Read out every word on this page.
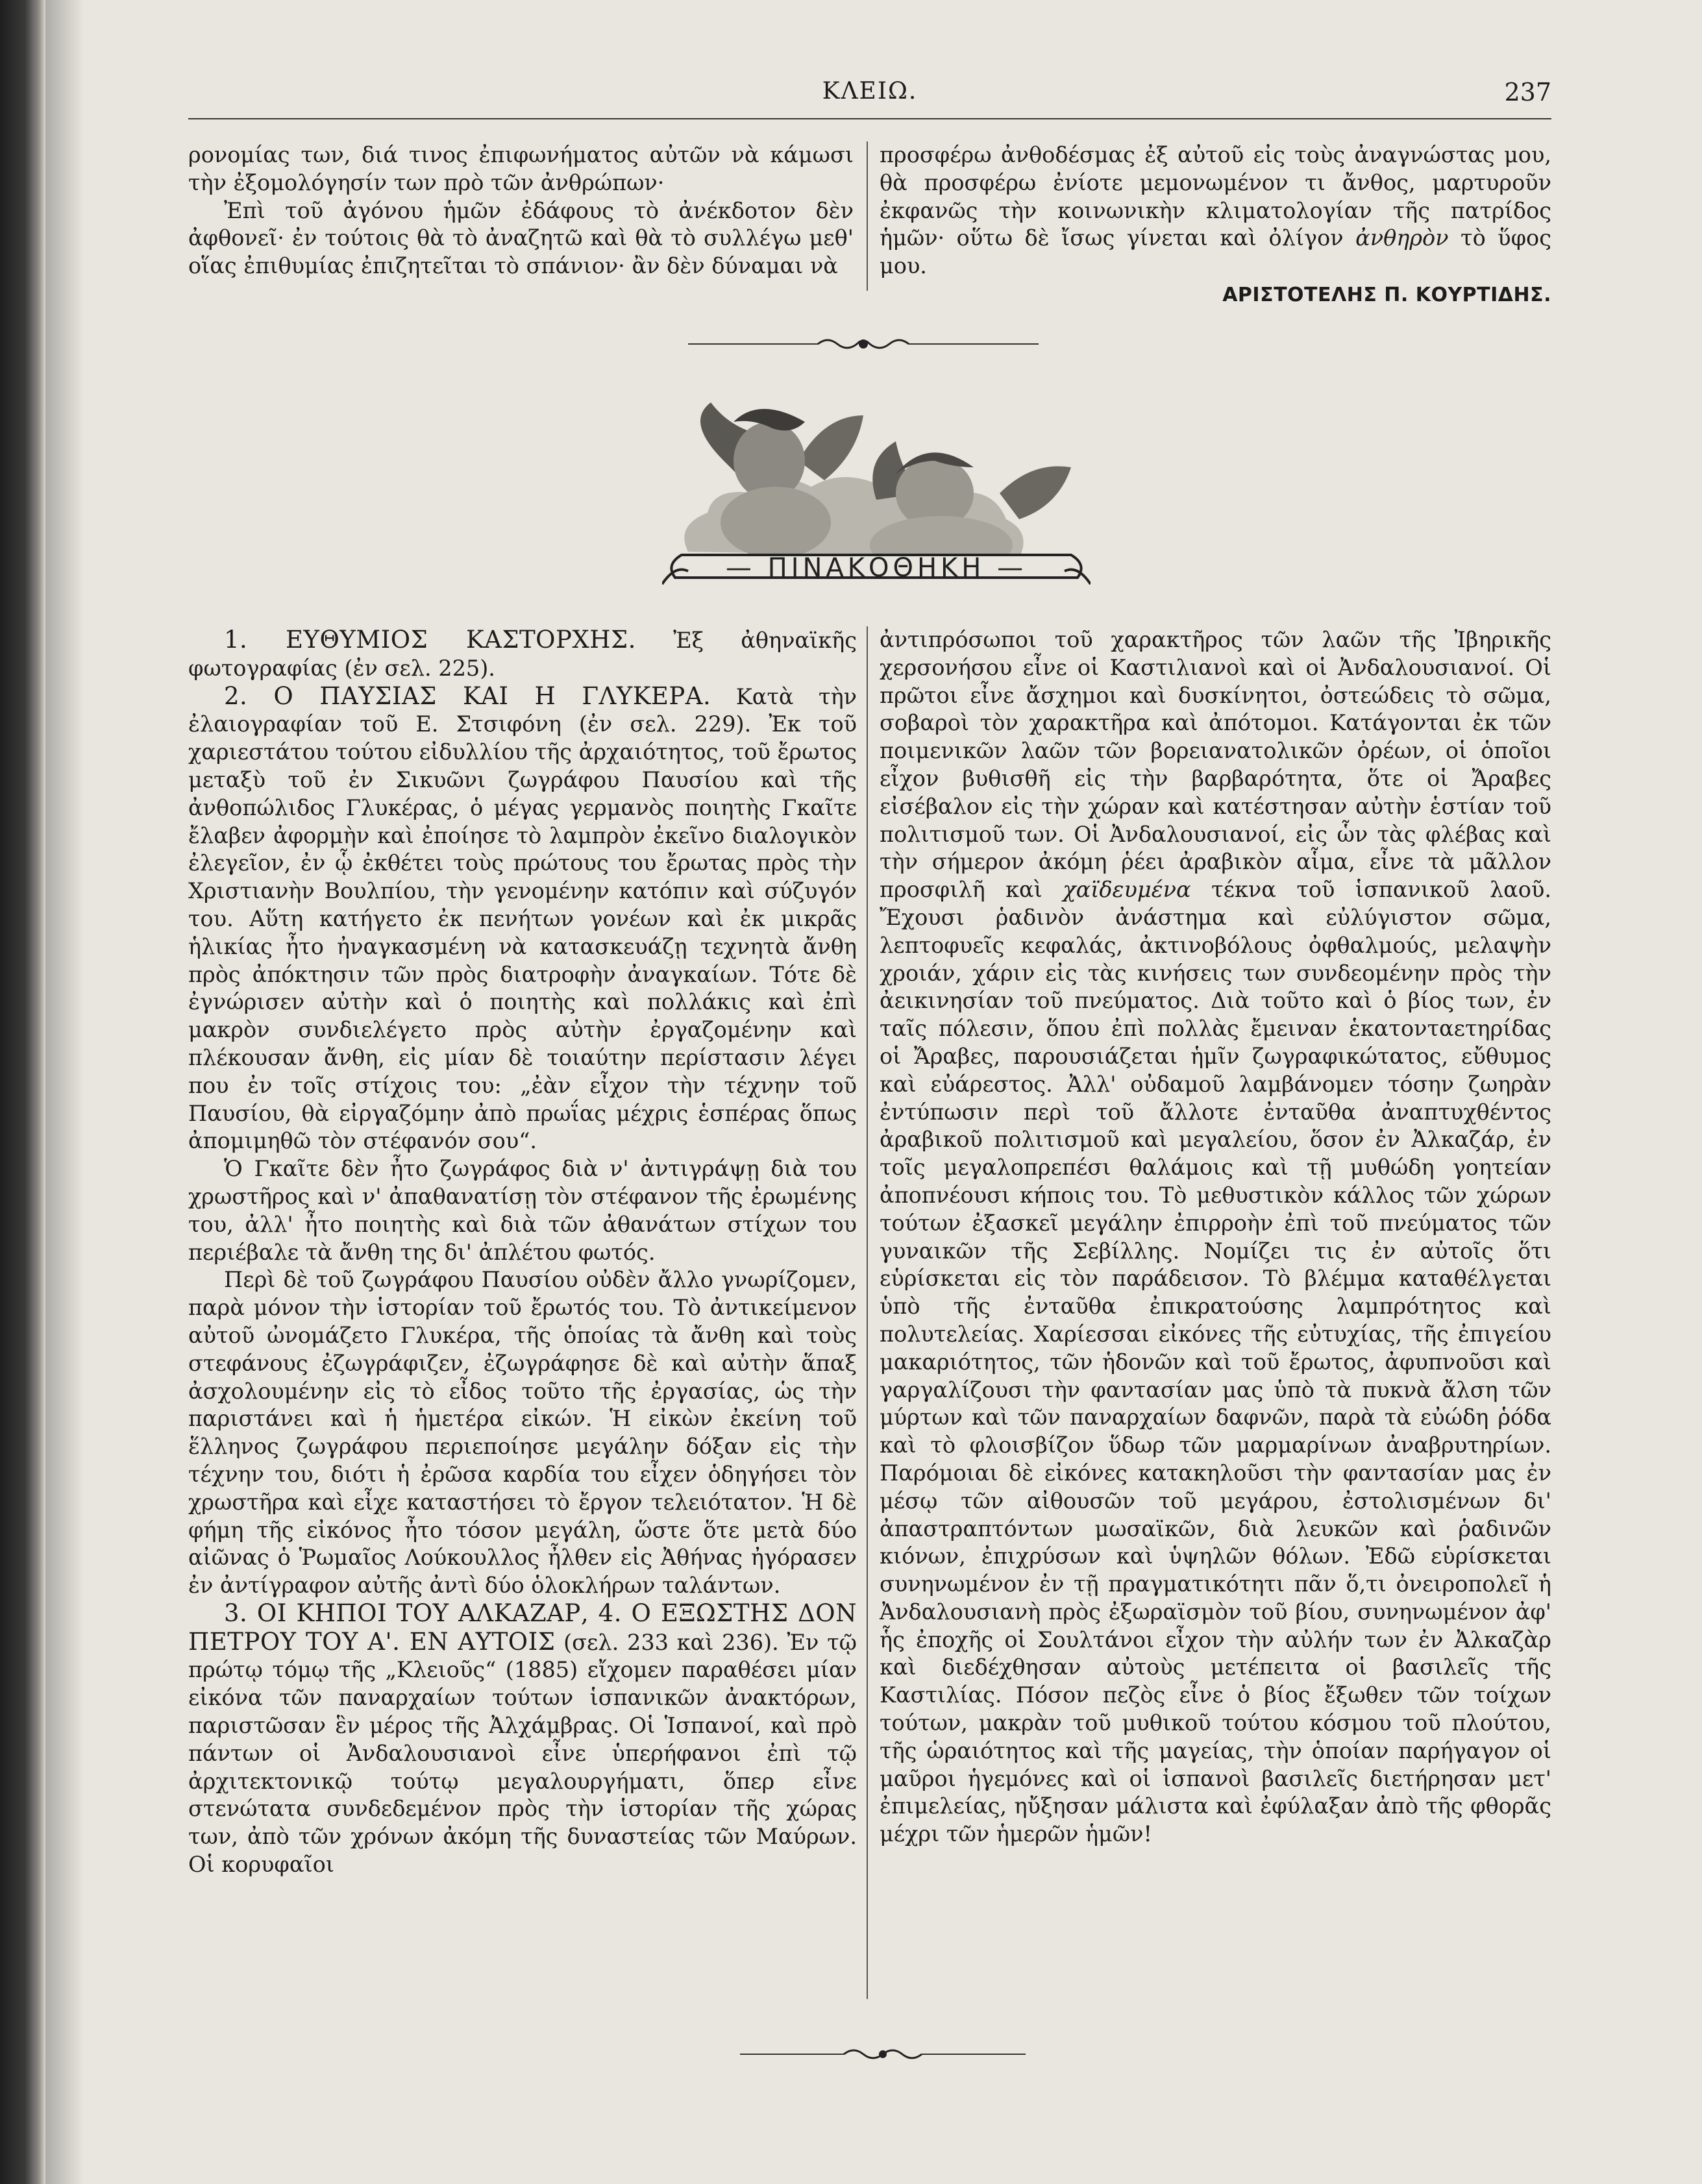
ΚΛΕΙΩ.	237

ρονομίας των, διά τινος ἐπιφωνήματος αὐτῶν νὰ κάμωσι τὴν ἐξομολόγησίν των πρὸ τῶν ἀνθρώπων·

Ἐπὶ τοῦ ἀγόνου ἡμῶν ἐδάφους τὸ ἀνέκδοτον δὲν ἀφθονεῖ· ἐν τούτοις θὰ τὸ ἀναζητῶ καὶ θὰ τὸ συλλέγω μεθ' οἵας ἐπιθυμίας ἐπιζητεῖται τὸ σπάνιον· ἂν δὲν δύναμαι νὰ

προσφέρω ἀνθοδέσμας ἐξ αὐτοῦ εἰς τοὺς ἀναγνώστας μου, θὰ προσφέρω ἐνίοτε μεμονωμένον τι ἄνθος, μαρτυροῦν ἐκφανῶς τὴν κοινωνικὴν κλιματολογίαν τῆς πατρίδος ἡμῶν· οὕτω δὲ ἴσως γίνεται καὶ ὀλίγον ἀνθηρὸν τὸ ὕφος μου.

ΑΡΙΣΤΟΤΕΛΗΣ Π. ΚΟΥΡΤΙΔΗΣ.
— ΠΙΝΑΚΟΘΗΚΗ —

1. ΕΥΘΥΜΙΟΣ ΚΑΣΤΟΡΧΗΣ. Ἐξ ἀθηναϊκῆς φωτογραφίας (ἐν σελ. 225).

2. Ο ΠΑΥΣΙΑΣ ΚΑΙ Η ΓΛΥΚΕΡΑ. Κατὰ τὴν ἐλαιογραφίαν τοῦ Ε. Στσιφόνη (ἐν σελ. 229). Ἐκ τοῦ χαριεστάτου τούτου εἰδυλλίου τῆς ἀρχαιότητος, τοῦ ἔρωτος μεταξὺ τοῦ ἐν Σικυῶνι ζωγράφου Παυσίου καὶ τῆς ἀνθοπώλιδος Γλυκέρας, ὁ μέγας γερμανὸς ποιητὴς Γκαῖτε ἔλαβεν ἀφορμὴν καὶ ἐποίησε τὸ λαμπρὸν ἐκεῖνο διαλογικὸν ἐλεγεῖον, ἐν ᾧ ἐκθέτει τοὺς πρώτους του ἔρωτας πρὸς τὴν Χριστιανὴν Βουλπίου, τὴν γενομένην κατόπιν καὶ σύζυγόν του. Αὕτη κατήγετο ἐκ πενήτων γονέων καὶ ἐκ μικρᾶς ἡλικίας ἦτο ἠναγκασμένη νὰ κατασκευάζῃ τεχνητὰ ἄνθη πρὸς ἀπόκτησιν τῶν πρὸς διατροφὴν ἀναγκαίων. Τότε δὲ ἐγνώρισεν αὐτὴν καὶ ὁ ποιητὴς καὶ πολλάκις καὶ ἐπὶ μακρὸν συνδιελέγετο πρὸς αὐτὴν ἐργαζομένην καὶ πλέκουσαν ἄνθη, εἰς μίαν δὲ τοιαύτην περίστασιν λέγει που ἐν τοῖς στίχοις του: „ἐὰν εἶχον τὴν τέχνην τοῦ Παυσίου, θὰ εἰργαζόμην ἀπὸ πρωΐας μέχρις ἑσπέρας ὅπως ἀπομιμηθῶ τὸν στέφανόν σου“.

Ὁ Γκαῖτε δὲν ἦτο ζωγράφος διὰ ν' ἀντιγράψῃ διὰ του χρωστῆρος καὶ ν' ἀπαθανατίσῃ τὸν στέφανον τῆς ἐρωμένης του, ἀλλ' ἦτο ποιητὴς καὶ διὰ τῶν ἀθανάτων στίχων του περιέβαλε τὰ ἄνθη της δι' ἀπλέτου φωτός.

Περὶ δὲ τοῦ ζωγράφου Παυσίου οὐδὲν ἄλλο γνωρίζομεν, παρὰ μόνον τὴν ἱστορίαν τοῦ ἔρωτός του. Τὸ ἀντικείμενον αὐτοῦ ὠνομάζετο Γλυκέρα, τῆς ὁποίας τὰ ἄνθη καὶ τοὺς στεφάνους ἐζωγράφιζεν, ἐζωγράφησε δὲ καὶ αὐτὴν ἅπαξ ἀσχολουμένην εἰς τὸ εἶδος τοῦτο τῆς ἐργασίας, ὡς τὴν παριστάνει καὶ ἡ ἡμετέρα εἰκών. Ἡ εἰκὼν ἐκείνη τοῦ ἕλληνος ζωγράφου περιεποίησε μεγάλην δόξαν εἰς τὴν τέχνην του, διότι ἡ ἐρῶσα καρδία του εἶχεν ὁδηγήσει τὸν χρωστῆρα καὶ εἶχε καταστήσει τὸ ἔργον τελειότατον. Ἡ δὲ φήμη τῆς εἰκόνος ἦτο τόσον μεγάλη, ὥστε ὅτε μετὰ δύο αἰῶνας ὁ Ῥωμαῖος Λούκουλλος ἦλθεν εἰς Ἀθήνας ἠγόρασεν ἐν ἀντίγραφον αὐτῆς ἀντὶ δύο ὁλοκλήρων ταλάντων.

3. ΟΙ ΚΗΠΟΙ ΤΟΥ ΑΛΚΑΖΑΡ, 4. Ο ΕΞΩΣΤΗΣ ΔΟΝ ΠΕΤΡΟΥ ΤΟΥ Α'. ΕΝ ΑΥΤΟΙΣ (σελ. 233 καὶ 236). Ἐν τῷ πρώτῳ τόμῳ τῆς „Κλειοῦς“ (1885) εἴχομεν παραθέσει μίαν εἰκόνα τῶν παναρχαίων τούτων ἱσπανικῶν ἀνακτόρων, παριστῶσαν ἓν μέρος τῆς Ἀλχάμβρας. Οἱ Ἱσπανοί, καὶ πρὸ πάντων οἱ Ἀνδαλουσιανοὶ εἶνε ὑπερήφανοι ἐπὶ τῷ ἀρχιτεκτονικῷ τούτῳ μεγαλουργήματι, ὅπερ εἶνε στενώτατα συνδεδεμένον πρὸς τὴν ἱστορίαν τῆς χώρας των, ἀπὸ τῶν χρόνων ἀκόμη τῆς δυναστείας τῶν Μαύρων. Οἱ κορυφαῖοι

ἀντιπρόσωποι τοῦ χαρακτῆρος τῶν λαῶν τῆς Ἰβηρικῆς χερσονήσου εἶνε οἱ Καστιλιανοὶ καὶ οἱ Ἀνδαλουσιανοί. Οἱ πρῶτοι εἶνε ἄσχημοι καὶ δυσκίνητοι, ὀστεώδεις τὸ σῶμα, σοβαροὶ τὸν χαρακτῆρα καὶ ἀπότομοι. Κατάγονται ἐκ τῶν ποιμενικῶν λαῶν τῶν βορειανατολικῶν ὀρέων, οἱ ὁποῖοι εἶχον βυθισθῆ εἰς τὴν βαρβαρότητα, ὅτε οἱ Ἄραβες εἰσέβαλον εἰς τὴν χώραν καὶ κατέστησαν αὐτὴν ἑστίαν τοῦ πολιτισμοῦ των. Οἱ Ἀνδαλουσιανοί, εἰς ὧν τὰς φλέβας καὶ τὴν σήμερον ἀκόμη ῥέει ἀραβικὸν αἷμα, εἶνε τὰ μᾶλλον προσφιλῆ καὶ χαϊδευμένα τέκνα τοῦ ἱσπανικοῦ λαοῦ. Ἔχουσι ῥαδινὸν ἀνάστημα καὶ εὐλύγιστον σῶμα, λεπτοφυεῖς κεφαλάς, ἀκτινοβόλους ὀφθαλμούς, μελαψὴν χροιάν, χάριν εἰς τὰς κινήσεις των συνδεομένην πρὸς τὴν ἀεικινησίαν τοῦ πνεύματος. Διὰ τοῦτο καὶ ὁ βίος των, ἐν ταῖς πόλεσιν, ὅπου ἐπὶ πολλὰς ἔμειναν ἑκατονταετηρίδας οἱ Ἄραβες, παρουσιάζεται ἡμῖν ζωγραφικώτατος, εὔθυμος καὶ εὐάρεστος. Ἀλλ' οὐδαμοῦ λαμβάνομεν τόσην ζωηρὰν ἐντύπωσιν περὶ τοῦ ἄλλοτε ἐνταῦθα ἀναπτυχθέντος ἀραβικοῦ πολιτισμοῦ καὶ μεγαλείου, ὅσον ἐν Ἀλκαζάρ, ἐν τοῖς μεγαλοπρεπέσι θαλάμοις καὶ τῇ μυθώδη γοητείαν ἀποπνέουσι κήποις του. Τὸ μεθυστικὸν κάλλος τῶν χώρων τούτων ἐξασκεῖ μεγάλην ἐπιρροὴν ἐπὶ τοῦ πνεύματος τῶν γυναικῶν τῆς Σεβίλλης. Νομίζει τις ἐν αὐτοῖς ὅτι εὑρίσκεται εἰς τὸν παράδεισον. Τὸ βλέμμα καταθέλγεται ὑπὸ τῆς ἐνταῦθα ἐπικρατούσης λαμπρότητος καὶ πολυτελείας. Χαρίεσσαι εἰκόνες τῆς εὐτυχίας, τῆς ἐπιγείου μακαριότητος, τῶν ἡδονῶν καὶ τοῦ ἔρωτος, ἀφυπνοῦσι καὶ γαργαλίζουσι τὴν φαντασίαν μας ὑπὸ τὰ πυκνὰ ἄλση τῶν μύρτων καὶ τῶν παναρχαίων δαφνῶν, παρὰ τὰ εὐώδη ῥόδα καὶ τὸ φλοισβίζον ὕδωρ τῶν μαρμαρίνων ἀναβρυτηρίων. Παρόμοιαι δὲ εἰκόνες κατακηλοῦσι τὴν φαντασίαν μας ἐν μέσῳ τῶν αἰθουσῶν τοῦ μεγάρου, ἐστολισμένων δι' ἀπαστραπτόντων μωσαϊκῶν, διὰ λευκῶν καὶ ῥαδινῶν κιόνων, ἐπιχρύσων καὶ ὑψηλῶν θόλων. Ἐδῶ εὑρίσκεται συνηνωμένον ἐν τῇ πραγματικότητι πᾶν ὅ,τι ὀνειροπολεῖ ἡ Ἀνδαλουσιανὴ πρὸς ἐξωραϊσμὸν τοῦ βίου, συνηνωμένον ἀφ' ἧς ἐποχῆς οἱ Σουλτάνοι εἶχον τὴν αὐλήν των ἐν Ἀλκαζὰρ καὶ διεδέχθησαν αὐτοὺς μετέπειτα οἱ βασιλεῖς τῆς Καστιλίας. Πόσον πεζὸς εἶνε ὁ βίος ἔξωθεν τῶν τοίχων τούτων, μακρὰν τοῦ μυθικοῦ τούτου κόσμου τοῦ πλούτου, τῆς ὡραιότητος καὶ τῆς μαγείας, τὴν ὁποίαν παρήγαγον οἱ μαῦροι ἡγεμόνες καὶ οἱ ἱσπανοὶ βασιλεῖς διετήρησαν μετ' ἐπιμελείας, ηὔξησαν μάλιστα καὶ ἐφύλαξαν ἀπὸ τῆς φθορᾶς μέχρι τῶν ἡμερῶν ἡμῶν!
